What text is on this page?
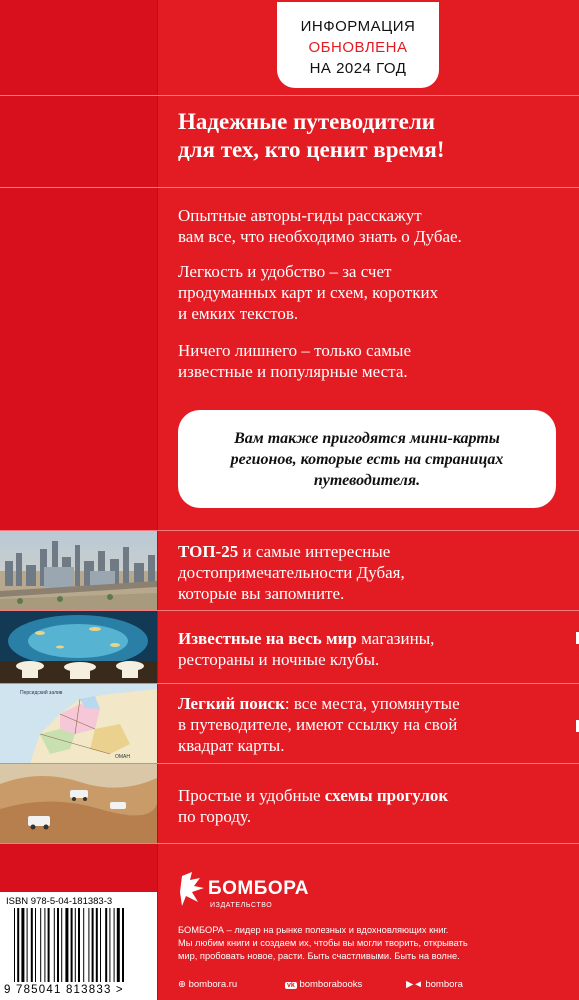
ИНФОРМАЦИЯ
ОБНОВЛЕНА
НА 2024 ГОД
Надежные путеводители
для тех, кто ценит время!
Опытные авторы-гиды расскажут
вам все, что необходимо знать о Дубае.
Легкость и удобство – за счет
продуманных карт и схем, коротких
и емких текстов.
Ничего лишнего – только самые
известные и популярные места.

Вам также пригодятся мини-карты
регионов, которые есть на страницах
путеводителя.

Персидский залив
ОМАН
ТОП-25 и самые интересные
достопримечательности Дубая,
которые вы запомните.
Известные на весь мир магазины,
рестораны и ночные клубы.
Легкий поиск: все места, упомянутые
в путеводителе, имеют ссылку на свой
квадрат карты.
Простые и удобные схемы прогулок
по городу.
ISBN 978-5-04-181383-3
9 785041 813833 >
БОМБОРА
ИЗДАТЕЛЬСТВО
БОМБОРА – лидер на рынке полезных и вдохновляющих книг.
Мы любим книги и создаем их, чтобы вы могли творить, открывать
мир, пробовать новое, расти. Быть счастливыми. Быть на волне.
⊕ bombora.ru	vk bomborabooks	▶◄ bombora
